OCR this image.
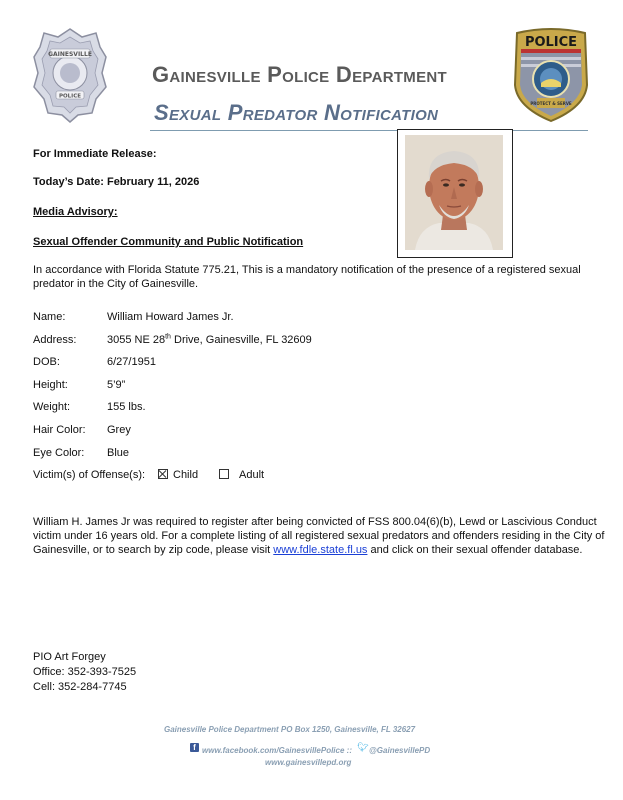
GAINESVILLE
POLICE
Gainesville Police Department
Sexual Predator Notification
POLICE
PROTECT & SERVE
For Immediate Release:
Today’s Date: February 11, 2026
Media Advisory:
Sexual Offender Community and Public Notification
In accordance with Florida Statute 775.21, This is a mandatory notification of the presence of a registered sexual predator in the City of Gainesville.
Name:	William Howard James Jr.
Address:	3055 NE 28th Drive, Gainesville, FL 32609
DOB:	6/27/1951
Height:	5’9”
Weight:	155 lbs.
Hair Color: Grey
Eye Color: Blue
Victim(s) of Offense(s):	Child	Adult
William H. James Jr was required to register after being convicted of FSS 800.04(6)(b), Lewd or Lascivious Conduct victim under 16 years old. For a complete listing of all registered sexual predators and offenders residing in the City of Gainesville, or to search by zip code, please visit www.fdle.state.fl.us and click on their sexual offender database.
PIO Art Forgey
Office: 352-393-7525
Cell: 352-284-7745
Gainesville Police Department PO Box 1250, Gainesville, FL 32627
f www.facebook.com/GainesvillePolice :: 🐦︎ @GainesvillePD
www.gainesvillepd.org
